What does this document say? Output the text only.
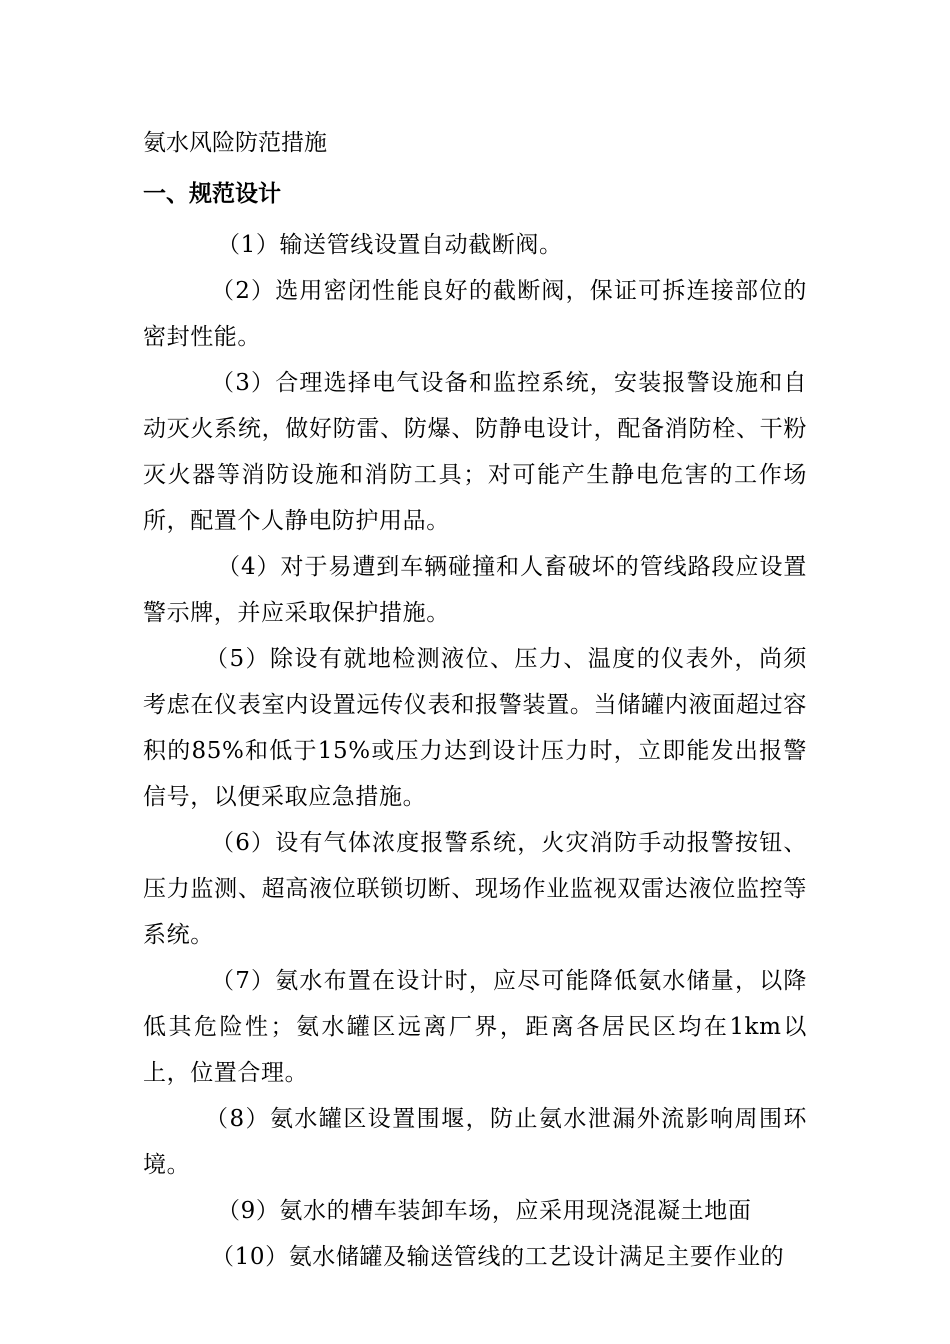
氨水风险防范措施

一、规范设计

（1）输送管线设置自动截断阀。

（2）选用密闭性能良好的截断阀，保证可拆连接部位的密封性能。

（3）合理选择电气设备和监控系统，安装报警设施和自动灭火系统，做好防雷、防爆、防静电设计，配备消防栓、干粉灭火器等消防设施和消防工具；对可能产生静电危害的工作场所，配置个人静电防护用品。

（4）对于易遭到车辆碰撞和人畜破坏的管线路段应设置警示牌，并应采取保护措施。

（5）除设有就地检测液位、压力、温度的仪表外，尚须考虑在仪表室内设置远传仪表和报警装置。当储罐内液面超过容积的85%和低于15%或压力达到设计压力时，立即能发出报警信号，以便采取应急措施。

（6）设有气体浓度报警系统，火灾消防手动报警按钮、压力监测、超高液位联锁切断、现场作业监视双雷达液位监控等系统。

（7）氨水布置在设计时，应尽可能降低氨水储量，以降低其危险性；氨水罐区远离厂界，距离各居民区均在1km以上，位置合理。

（8）氨水罐区设置围堰，防止氨水泄漏外流影响周围环境。

（9）氨水的槽车装卸车场，应采用现浇混凝土地面

（10）氨水储罐及输送管线的工艺设计满足主要作业的
